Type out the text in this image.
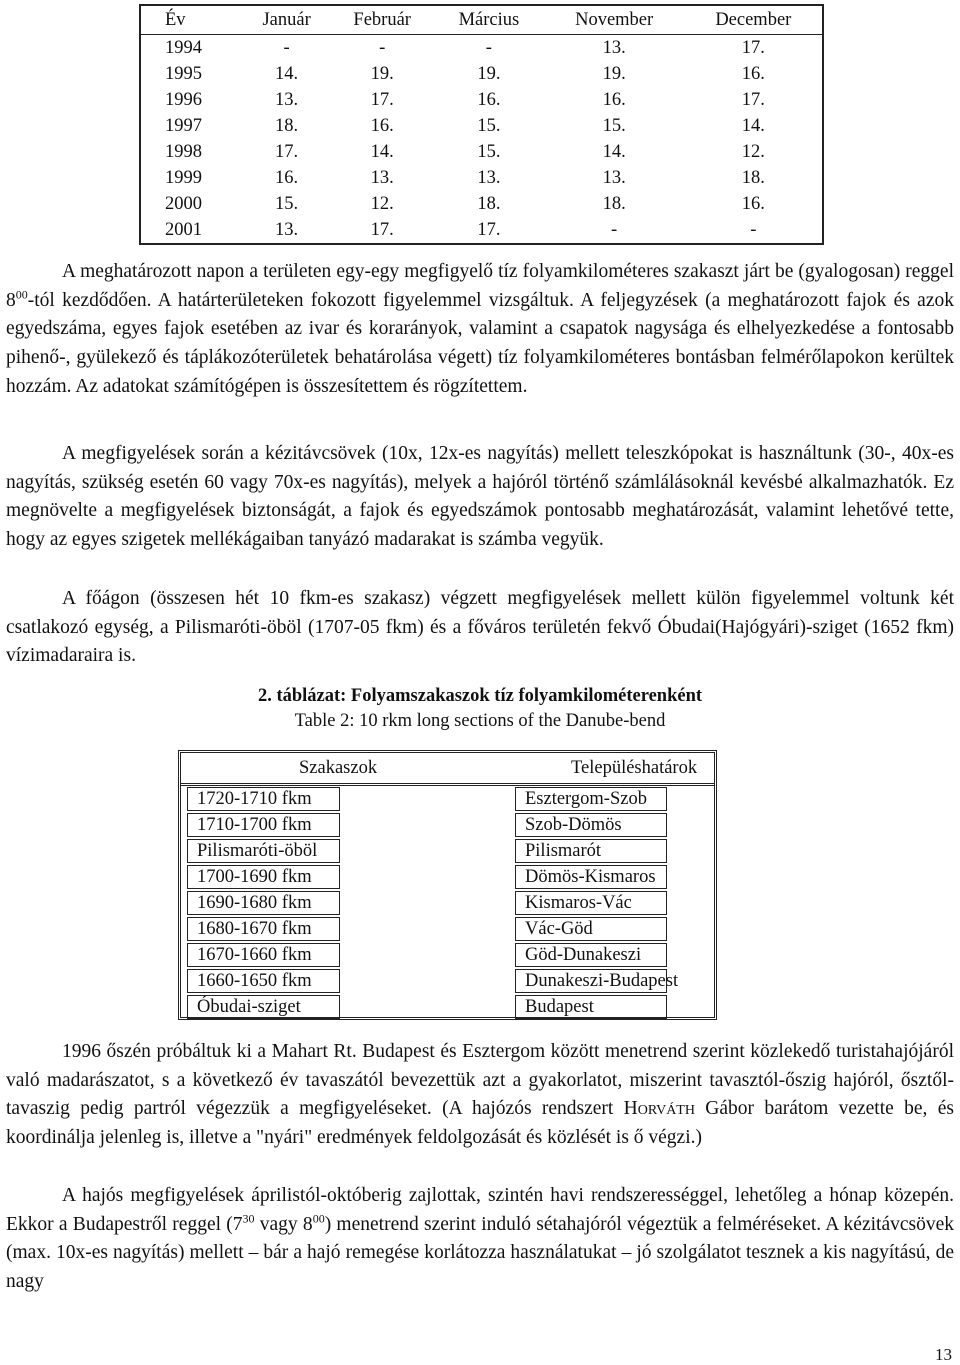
Év	Január	Február	Március	November	December
1994	-	-	-	13.	17.
1995	14.	19.	19.	19.	16.
1996	13.	17.	16.	16.	17.
1997	18.	16.	15.	15.	14.
1998	17.	14.	15.	14.	12.
1999	16.	13.	13.	13.	18.
2000	15.	12.	18.	18.	16.
2001	13.	17.	17.	-	-

A meghatározott napon a területen egy-egy megfigyelő tíz folyamkilométeres szakaszt járt be (gyalogosan) reggel $8^{00}$-tól kezdődően. A határterületeken fokozott figyelemmel vizsgáltuk. A feljegyzések (a meghatározott fajok és azok egyedszáma, egyes fajok esetében az ivar és korarányok, valamint a csapatok nagysága és elhelyezkedése a fontosabb pihenő-, gyülekező és táplákozóterületek behatárolása végett) tíz folyamkilométeres bontásban felmérőlapokon kerültek hozzám. Az adatokat számítógépen is összesítettem és rögzítettem.

A megfigyelések során a kézitávcsövek (10x, 12x-es nagyítás) mellett teleszkópokat is használtunk (30-, 40x-es nagyítás, szükség esetén 60 vagy 70x-es nagyítás), melyek a hajóról történő számlálásoknál kevésbé alkalmazhatók. Ez megnövelte a megfigyelések biztonságát, a fajok és egyedszámok pontosabb meghatározását, valamint lehetővé tette, hogy az egyes szigetek mellékágaiban tanyázó madarakat is számba vegyük.

A főágon (összesen hét 10 fkm-es szakasz) végzett megfigyelések mellett külön figyelemmel voltunk két csatlakozó egység, a Pilismaróti-öböl (1707-05 fkm) és a főváros területén fekvő Óbudai(Hajógyári)-sziget (1652 fkm) vízimadaraira is.

2. táblázat: Folyamszakaszok tíz folyamkilométerenként
Table 2: 10 rkm long sections of the Danube-bend
Szakaszok	Településhatárok
1720-1710 fkm	Esztergom-Szob
1710-1700 fkm	Szob-Dömös
Pilismaróti-öböl	Pilismarót
1700-1690 fkm	Dömös-Kismaros
1690-1680 fkm	Kismaros-Vác
1680-1670 fkm	Vác-Göd
1670-1660 fkm	Göd-Dunakeszi
1660-1650 fkm	Dunakeszi-Budapest
Óbudai-sziget	Budapest

1996 őszén próbáltuk ki a Mahart Rt. Budapest és Esztergom között menetrend szerint közlekedő turistahajójáról való madarászatot, s a következő év tavaszától bevezettük azt a gyakorlatot, miszerint tavasztól-őszig hajóról, ősztől-tavaszig pedig partról végezzük a megfigyeléseket. (A hajózós rendszert Horváth Gábor barátom vezette be, és koordinálja jelenleg is, illetve a "nyári" eredmények feldolgozását és közlését is ő végzi.)

A hajós megfigyelések áprilistól-októberig zajlottak, szintén havi rendszerességgel, lehetőleg a hónap közepén. Ekkor a Budapestről reggel ($7^{30}$ vagy $8^{00}$) menetrend szerint induló sétahajóról végeztük a felméréseket. A kézitávcsövek (max. 10x-es nagyítás) mellett – bár a hajó remegése korlátozza használatukat – jó szolgálatot tesznek a kis nagyítású, de nagy

13
